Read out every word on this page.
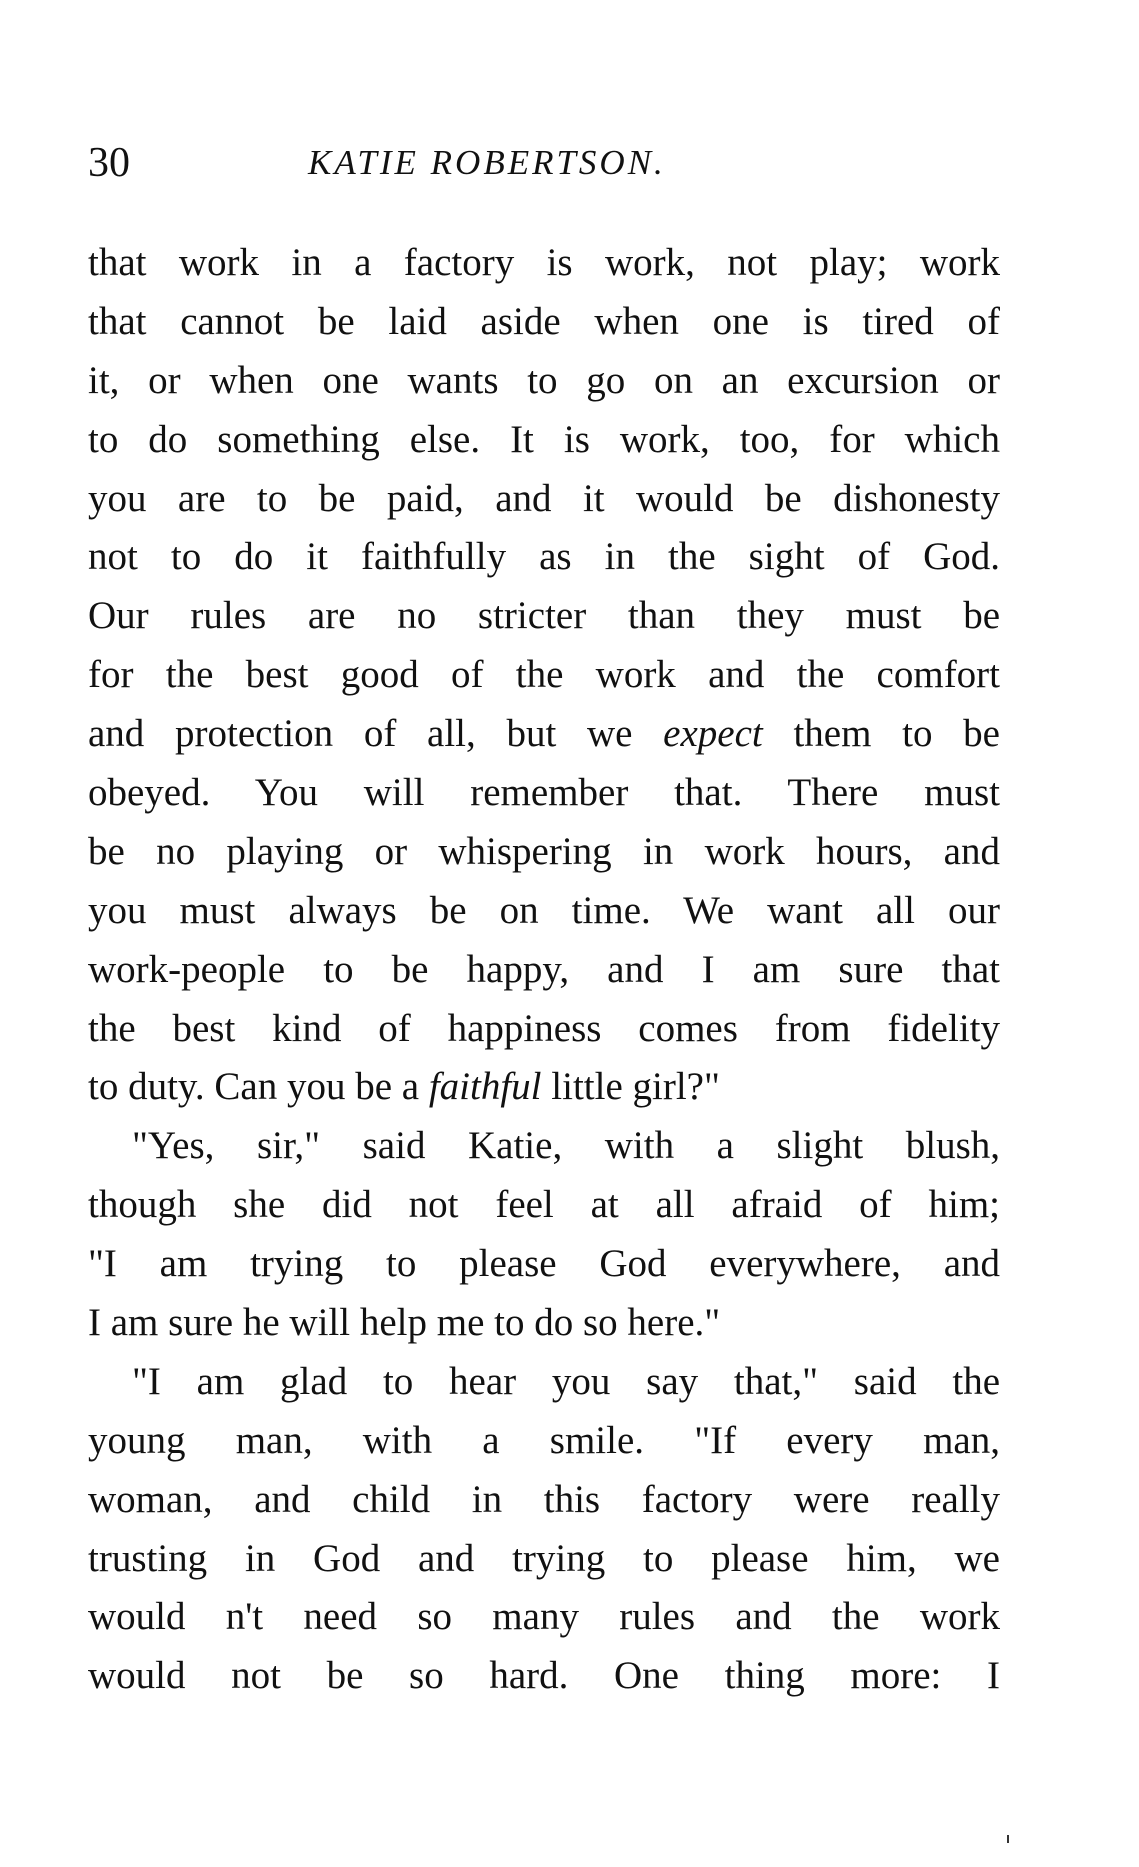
30	KATIE ROBERTSON.
that work in a factory is work, not play; work
that cannot be laid aside when one is tired of
it, or when one wants to go on an excursion or
to do something else. It is work, too, for which
you are to be paid, and it would be dishonesty
not to do it faithfully as in the sight of God.
Our rules are no stricter than they must be
for the best good of the work and the comfort
and protection of all, but we expect them to be
obeyed. You will remember that. There must
be no playing or whispering in work hours, and
you must always be on time. We want all our
work-people to be happy, and I am sure that
the best kind of happiness comes from fidelity
to duty. Can you be a faithful little girl?"
"Yes, sir," said Katie, with a slight blush,
though she did not feel at all afraid of him;
"I am trying to please God everywhere, and
I am sure he will help me to do so here."
"I am glad to hear you say that," said the
young man, with a smile. "If every man,
woman, and child in this factory were really
trusting in God and trying to please him, we
would n't need so many rules and the work
would not be so hard. One thing more: I
